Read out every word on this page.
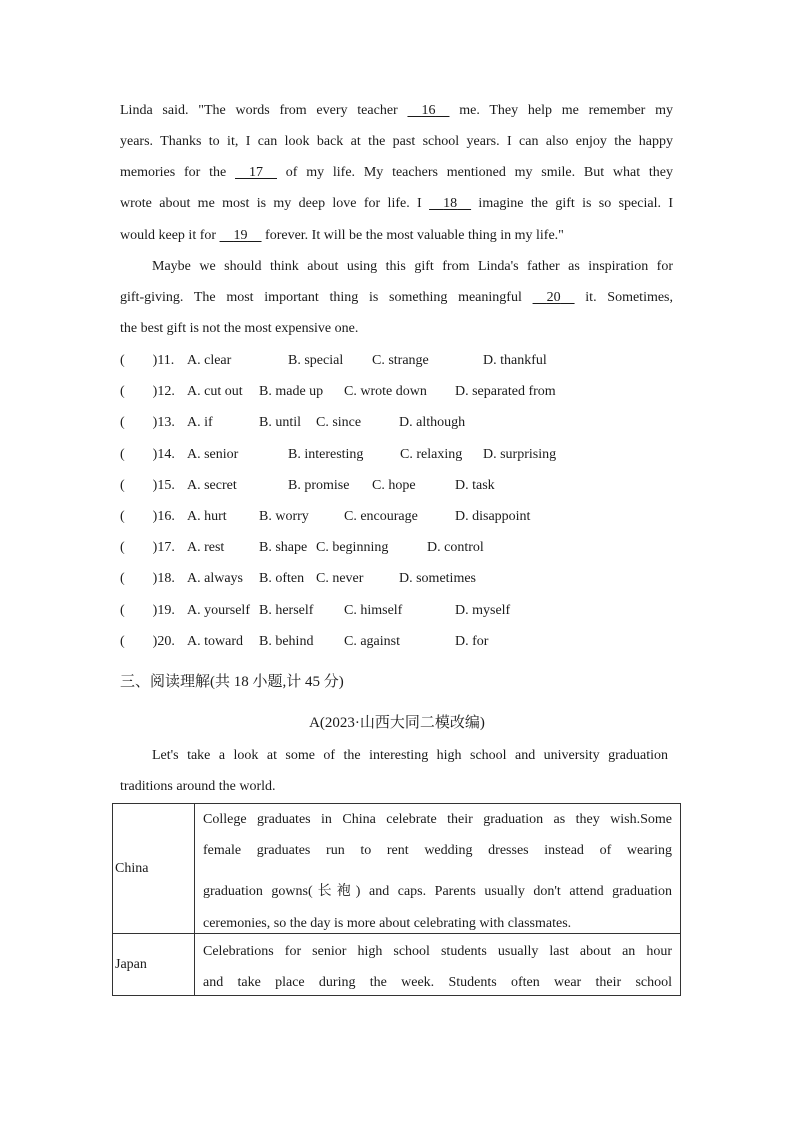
Linda said. "The words from every teacher     16     me. They help me remember my
years. Thanks to it, I can look back at the past school years. I can also enjoy the happy
memories for the     17     of my life. My teachers mentioned my smile. But what they
wrote about me most is my deep love for life. I     18     imagine the gift is so special. I
would keep it for     19     forever. It will be the most valuable thing in my life."
Maybe we should think about using this gift from Linda's father as inspiration for
gift-giving. The most important thing is something meaningful     20     it. Sometimes,
the best gift is not the most expensive one.
(  )11. A. clear	B. special C. strange	D. thankful
(  )12. A. cut out B. made up C. wrote down D. separated from
(  )13. A. if	B. until C. since	D. although
(  )14. A. senior	B. interesting	C. relaxing D. surprising
(  )15. A. secret	B. promise C. hope	D. task
(  )16. A. hurt B. worry	C. encourage	D. disappoint
(  )17. A. rest B. shape C. beginning	D. control
(  )18. A. always B. often C. never	D. sometimes
(  )19. A. yourself B. herself C. himself	D. myself
(  )20. A. toward B. behind C. against	D. for
三、阅读理解(共 18 小题,计 45 分)
A(2023·山西大同二模改编)
Let's take a look at some of the interesting high school and university graduation
traditions around the world.
China	College graduates in China celebrate their graduation as they wish.Some
female graduates run to rent wedding dresses instead of wearing
graduation gowns(长袍) and caps. Parents usually don't attend graduation
ceremonies, so the day is more about celebrating with classmates.

Japan	Celebrations for senior high school students usually last about an hour
and take place during the week. Students often wear their school
